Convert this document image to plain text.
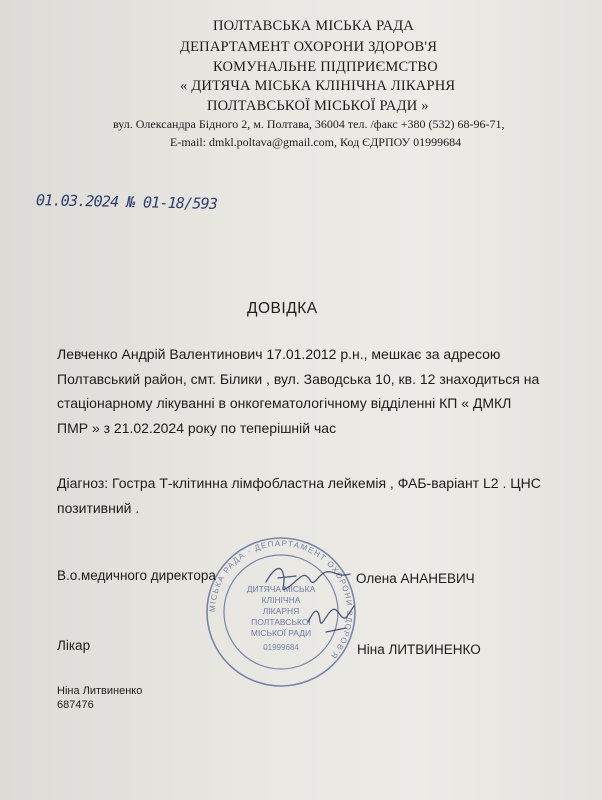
ПОЛТАВСЬКА МІСЬКА РАДА
ДЕПАРТАМЕНТ ОХОРОНИ ЗДОРОВ'Я
КОМУНАЛЬНЕ ПІДПРИЄМСТВО
« ДИТЯЧА МІСЬКА КЛІНІЧНА ЛІКАРНЯ
ПОЛТАВСЬКОЇ МІСЬКОЇ РАДИ »
вул. Олександра Бідного 2, м. Полтава, 36004 тел. /факс +380 (532) 68-96-71,
E-mail: dmkl.poltava@gmail.com, Код ЄДРПОУ 01999684
01.03.2024 № 01-18/593
ДОВІДКА
Левченко Андрій Валентинович 17.01.2012 р.н., мешкає за адресою
Полтавський район, смт. Білики , вул. Заводська 10, кв. 12 знаходиться на
стаціонарному лікуванні в онкогематологічному відділенні КП « ДМКЛ
ПМР » з 21.02.2024 року по теперішній час
Діагноз: Гостра Т-клітинна лімфобластна лейкемія , ФАБ-варіант L2 . ЦНС
позитивний .
МІСЬКА РАДА · ДЕПАРТАМЕНТ ОХОРОНИ ЗДОРОВ'Я
ДИТЯЧА МІСЬКА
КЛІНІЧНА
ЛІКАРНЯ
ПОЛТАВСЬКОЇ
МІСЬКОЇ РАДИ
01999684
В.о.медичного директора	Олена АНАНЕВИЧ
Лікар	Ніна ЛИТВИНЕНКО
Ніна Литвиненко
687476
